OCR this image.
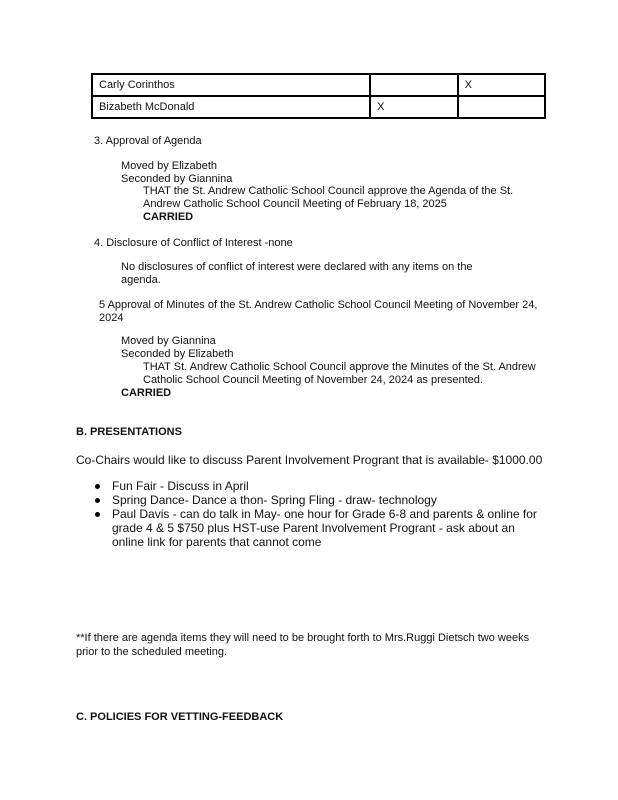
Carly Corinthos		X
Bizabeth McDonald	X	
3. Approval of Agenda
Moved by Elizabeth
Seconded by Giannina
THAT the St. Andrew Catholic School Council approve the Agenda of the St.
Andrew Catholic School Council Meeting of February 18, 2025
CARRIED
4. Disclosure of Conflict of Interest -none
No disclosures of conflict of interest were declared with any items on the
agenda.
5 Approval of Minutes of the St. Andrew Catholic School Council Meeting of November 24,
2024
Moved by Giannina
Seconded by Elizabeth
THAT St. Andrew Catholic School Council approve the Minutes of the St. Andrew
Catholic School Council Meeting of November 24, 2024 as presented.
CARRIED
B. PRESENTATIONS
Co-Chairs would like to discuss Parent Involvement Progrant that is available- $1000.00
Fun Fair - Discuss in April
Spring Dance- Dance a thon- Spring Fling - draw- technology
Paul Davis - can do talk in May- one hour for Grade 6-8 and parents & online for
grade 4 & 5 $750 plus HST-use Parent Involvement Progrant - ask about an
online link for parents that cannot come
**If there are agenda items they will need to be brought forth to Mrs.Ruggi Dietsch two weeks
prior to the scheduled meeting.
C. POLICIES FOR VETTING-FEEDBACK
